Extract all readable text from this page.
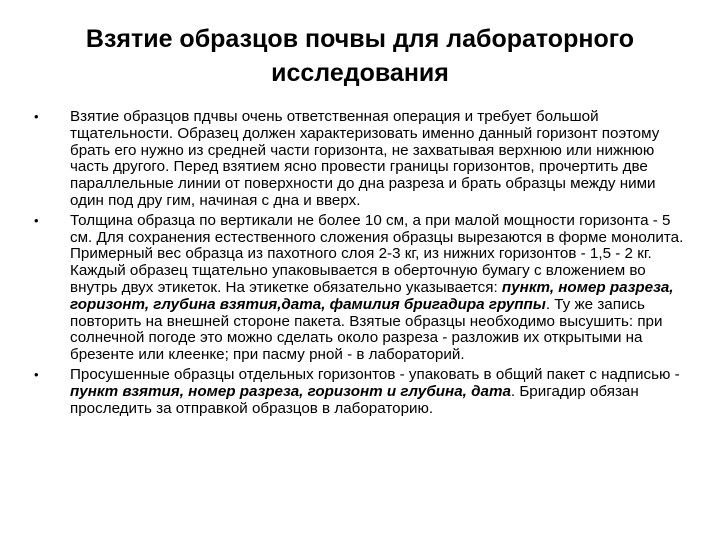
Взятие образцов почвы для лабораторного
исследования
• Взятие образцов пдчвы очень ответственная операция и требует большой тщательности. Образец должен характеризовать именно данный горизонт поэтому брать его нужно из средней части горизонта, не захватывая верхнюю или нижнюю часть другого. Перед взятием ясно провести границы горизонтов, прочертить две параллельные линии от поверхности до дна разреза и брать образцы между ними один под дру гим, начиная с дна и вверх.
• Толщина образца по вертикали не более 10 см, а при малой мощности горизонта - 5 см. Для сохранения естественного сложения образцы вырезаются в форме монолита. Примерный вес образца из пахотного слоя 2-3 кг, из нижних горизонтов - 1,5 - 2 кг. Каждый образец тщательно упаковывается в оберточную бумагу с вложением во внутрь двух этикеток. На этикетке обязательно указывается: пункт, номер разреза, горизонт, глубина взятия,дата, фамилия бригадира группы. Ту же запись повторить на внешней стороне пакета. Взятые образцы необходимо высушить: при солнечной погоде это можно сделать около разреза - разложив их открытыми на брезенте или клеенке; при пасму рной - в лабораторий.
• Просушенные образцы отдельных горизонтов - упаковать в общий пакет с надписью - пункт взятия, номер разреза, горизонт и глубина, дата. Бригадир обязан проследить за отправкой образцов в лабораторию.
